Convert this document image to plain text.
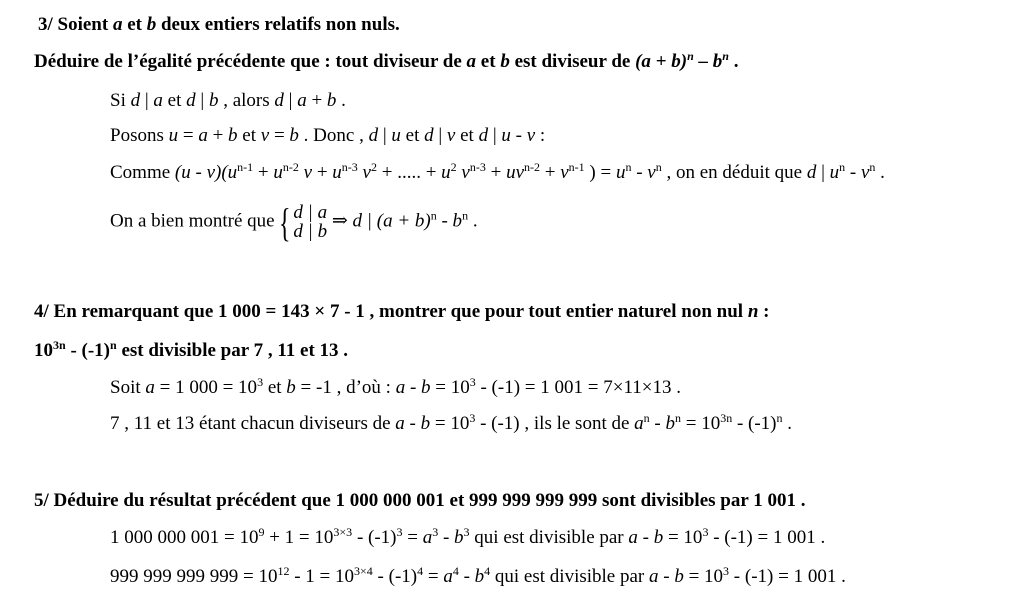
3/ Soient a et b deux entiers relatifs non nuls.
Déduire de l’égalité précédente que : tout diviseur de a et b est diviseur de $(a + b)^n - b^n$ .
Si d | a et d | b , alors d | a + b .
Posons u = a + b et v = b . Donc , d | u et d | v et d | u - v :
Comme $(u - v)(u^{n-1} + u^{n-2}$ $v + u^{n-3}$ $v^2$ + ..... + $u^2$ $v^{n-3} + uv^{n-2} + v^{n-1}$ ) = $u^n - v^n$ , on en déduit que d | $u^n - v^n$ .
On a bien montré que { d | a
d | b
⇒ d | $(a + b)^n - b^n$ .
4/ En remarquant que 1 000 = 143 × 7 - 1 , montrer que pour tout entier naturel non nul n :
$10^{3n} - (-1)^n$ est divisible par 7 , 11 et 13 .
Soit a = 1 $000 = 10^3$ et b = -1 , d’où : $a - b = 10^3 - (-1) = 1$ 001 = 7×11×13 .
7 , 11 et 13 étant chacun diviseurs de $a - b = 10^3 - (-1)$ , ils le sont de $a^n - b^n = 10^{3n} - (-1)^n$ .
5/ Déduire du résultat précédent que 1 000 000 001 et 999 999 999 999 sont divisibles par 1 001 .
1 000 000 $001 = 10^9 + 1 = 10^{3\times 3} - (-1)^3 = a^3 - b^3$ qui est divisible par $a - b = 10^3 - (-1) = 1$ 001 .
999 999 999 $999 = 10^{12} - 1 = 10^{3\times 4} - (-1)^4 = a^4 - b^4$ qui est divisible par $a - b = 10^3 - (-1) = 1$ 001 .
